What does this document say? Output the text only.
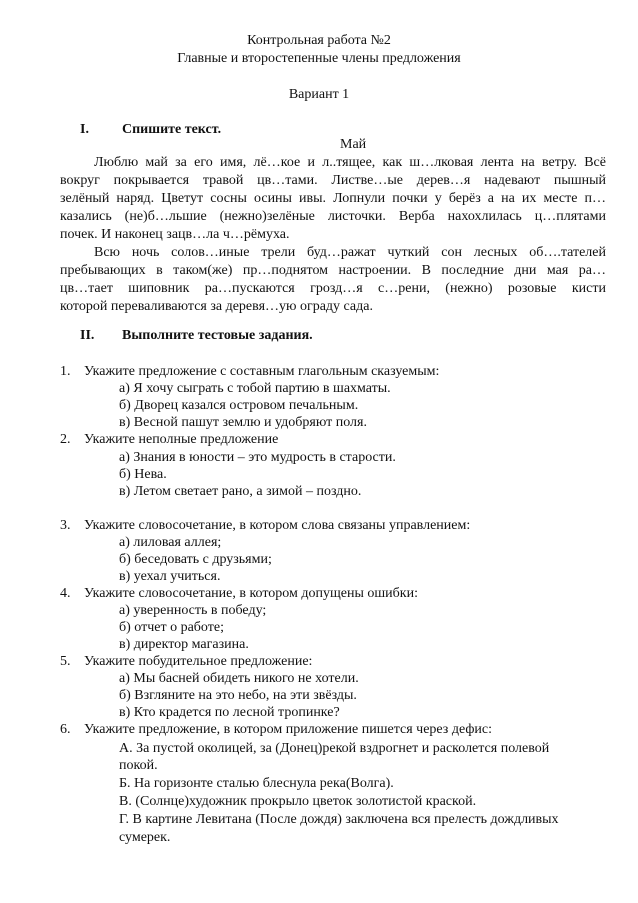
Контрольная работа №2
Главные и второстепенные члены предложения
Вариант 1
I. Спишите текст.
Май
Люблю май за его имя, лё…кое и л..тящее, как ш…лковая лента на ветру. Всё
вокруг покрывается травой цв…тами. Листве…ые дерев…я надевают пышный
зелёный наряд. Цветут сосны осины ивы. Лопнули почки у берёз а на их месте п…
казались (не)б…льшие (нежно)зелёные листочки. Верба нахохлилась ц…плятами
почек. И наконец зацв…ла ч…рёмуха.
Всю ночь солов…иные трели буд…ражат чуткий сон лесных об….тателей
пребывающих в таком(же) пр…поднятом настроении. В последние дни мая ра…
цв…тает шиповник ра…пускаются грозд…я с…рени, (нежно) розовые кисти
которой переваливаются за деревя…ую ограду сада.
II. Выполните тестовые задания.
1. Укажите предложение с составным глагольным сказуемым:
а) Я хочу сыграть с тобой партию в шахматы.
б) Дворец казался островом печальным.
в) Весной пашут землю и удобряют поля.
2. Укажите неполные предложение
а) Знания в юности – это мудрость в старости.
б) Нева.
в) Летом светает рано, а зимой – поздно.
3. Укажите словосочетание, в котором слова связаны управлением:
а) лиловая аллея;
б) беседовать с друзьями;
в) уехал учиться.
4. Укажите словосочетание, в котором допущены ошибки:
а) уверенность в победу;
б) отчет о работе;
в) директор магазина.
5. Укажите побудительное предложение:
а) Мы басней обидеть никого не хотели.
б) Взгляните на это небо, на эти звёзды.
в) Кто крадется по лесной тропинке?
6. Укажите предложение, в котором приложение пишется через дефис:
А. За пустой околицей, за (Донец)рекой вздрогнет и расколется полевой
покой.
Б. На горизонте сталью блеснула река(Волга).
В. (Солнце)художник прокрыло цветок золотистой краской.
Г. В картине Левитана (После дождя) заключена вся прелесть дождливых
сумерек.
